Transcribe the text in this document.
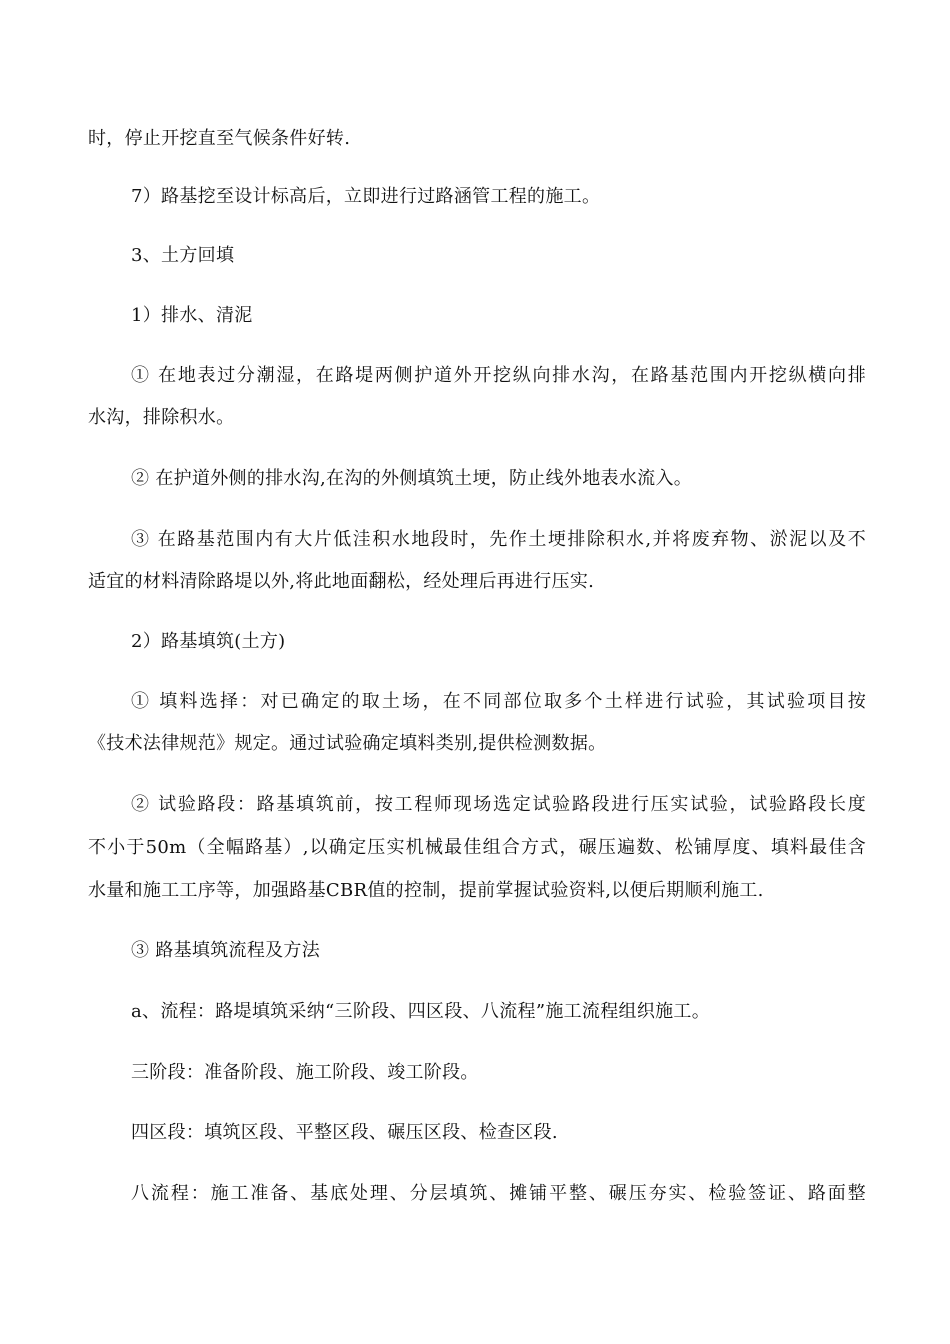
时，停止开挖直至气候条件好转.
7）路基挖至设计标高后，立即进行过路涵管工程的施工。
3、土方回填
1）排水、清泥
① 在地表过分潮湿，在路堤两侧护道外开挖纵向排水沟，在路基范围内开挖纵横向排
水沟，排除积水。
② 在护道外侧的排水沟,在沟的外侧填筑土埂，防止线外地表水流入。
③ 在路基范围内有大片低洼积水地段时，先作土埂排除积水,并将废弃物、淤泥以及不
适宜的材料清除路堤以外,将此地面翻松，经处理后再进行压实.
2）路基填筑(土方)
① 填料选择：对已确定的取土场，在不同部位取多个土样进行试验，其试验项目按
《技术法律规范》规定。通过试验确定填料类别,提供检测数据。
② 试验路段：路基填筑前，按工程师现场选定试验路段进行压实试验，试验路段长度
不小于50m（全幅路基）,以确定压实机械最佳组合方式，碾压遍数、松铺厚度、填料最佳含
水量和施工工序等，加强路基CBR值的控制，提前掌握试验资料,以便后期顺利施工.
③ 路基填筑流程及方法
a、流程：路堤填筑采纳“三阶段、四区段、八流程”施工流程组织施工。
三阶段：准备阶段、施工阶段、竣工阶段。
四区段：填筑区段、平整区段、碾压区段、检查区段.
八流程：施工准备、基底处理、分层填筑、摊铺平整、碾压夯实、检验签证、路面整
